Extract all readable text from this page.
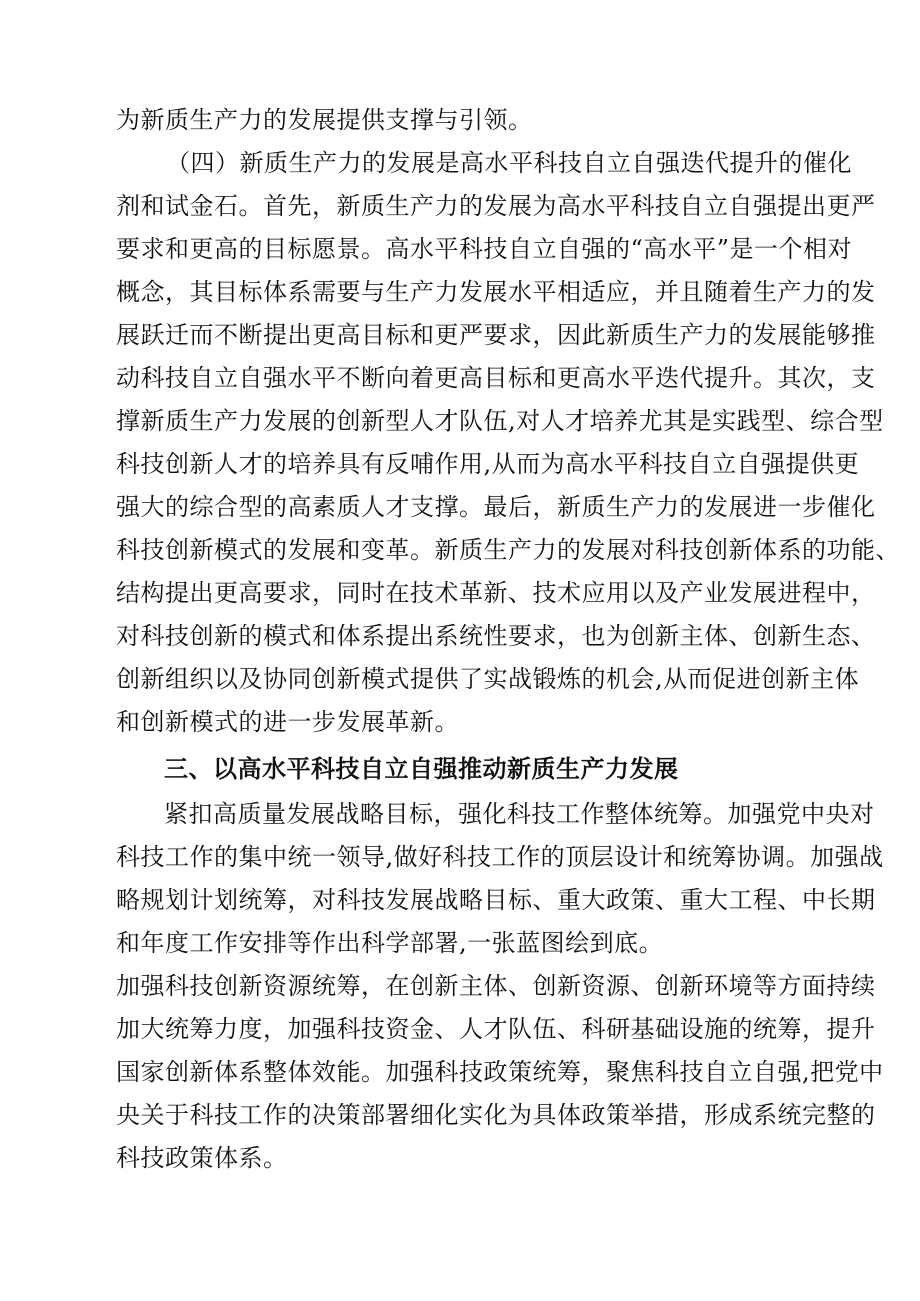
为新质生产力的发展提供支撑与引领。
（四）新质生产力的发展是高水平科技自立自强迭代提升的催化
剂和试金石。首先，新质生产力的发展为高水平科技自立自强提出更严
要求和更高的目标愿景。高水平科技自立自强的“高水平”是一个相对
概念，其目标体系需要与生产力发展水平相适应，并且随着生产力的发
展跃迁而不断提出更高目标和更严要求，因此新质生产力的发展能够推
动科技自立自强水平不断向着更高目标和更高水平迭代提升。其次，支
撑新质生产力发展的创新型人才队伍,对人才培养尤其是实践型、综合型
科技创新人才的培养具有反哺作用,从而为高水平科技自立自强提供更
强大的综合型的高素质人才支撑。最后，新质生产力的发展进一步催化
科技创新模式的发展和变革。新质生产力的发展对科技创新体系的功能、
结构提出更高要求，同时在技术革新、技术应用以及产业发展进程中，
对科技创新的模式和体系提出系统性要求，也为创新主体、创新生态、
创新组织以及协同创新模式提供了实战锻炼的机会,从而促进创新主体
和创新模式的进一步发展革新。
三、以高水平科技自立自强推动新质生产力发展
紧扣高质量发展战略目标，强化科技工作整体统筹。加强党中央对
科技工作的集中统一领导,做好科技工作的顶层设计和统筹协调。加强战
略规划计划统筹，对科技发展战略目标、重大政策、重大工程、中长期
和年度工作安排等作出科学部署,一张蓝图绘到底。
加强科技创新资源统筹，在创新主体、创新资源、创新环境等方面持续
加大统筹力度，加强科技资金、人才队伍、科研基础设施的统筹，提升
国家创新体系整体效能。加强科技政策统筹，聚焦科技自立自强,把党中
央关于科技工作的决策部署细化实化为具体政策举措，形成系统完整的
科技政策体系。
